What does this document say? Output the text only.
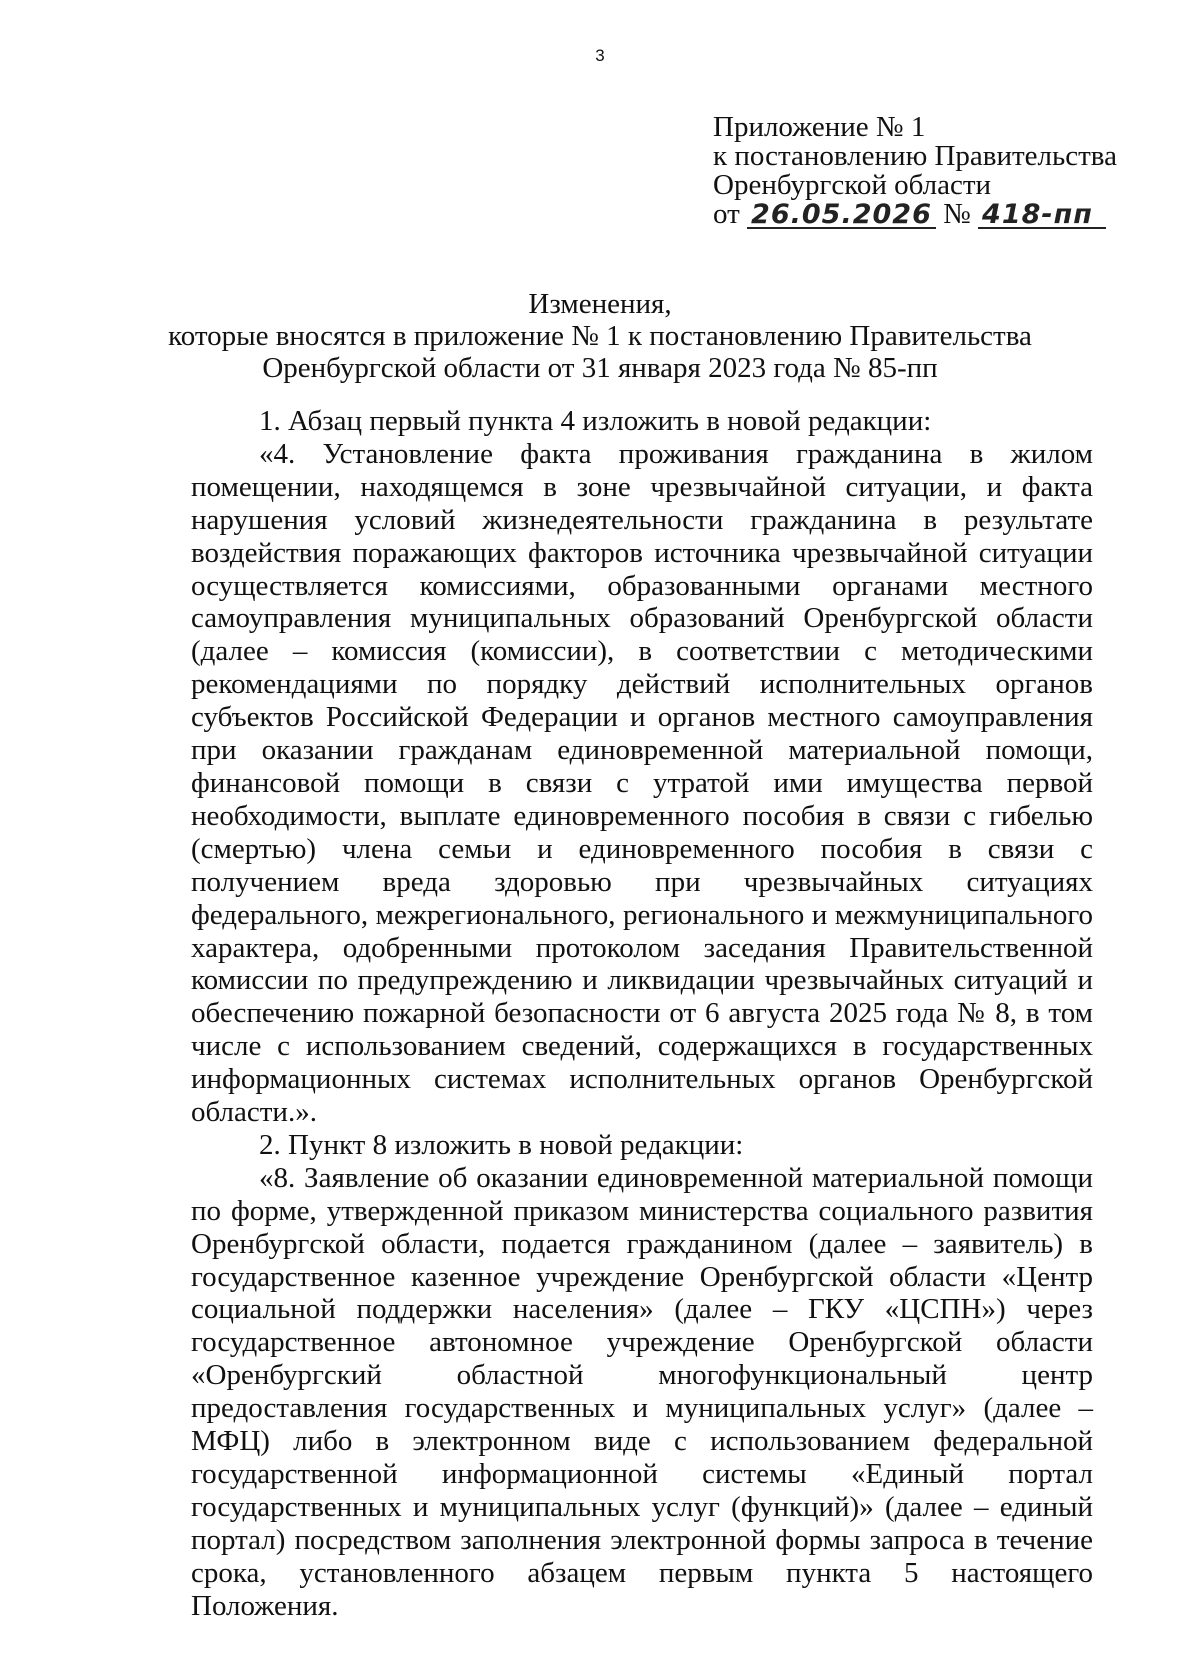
3
Приложение № 1
к постановлению Правительства
Оренбургской области
от 26.05.2026 № 418-пп
Изменения,
которые вносятся в приложение № 1 к постановлению Правительства
Оренбургской области от 31 января 2023 года № 85-пп

1. Абзац первый пункта 4 изложить в новой редакции:

«4. Установление факта проживания гражданина в жилом помещении, находящемся в зоне чрезвычайной ситуации, и факта нарушения условий жизнедеятельности гражданина в результате воздействия поражающих факторов источника чрезвычайной ситуации осуществляется комиссиями, образованными органами местного самоуправления муниципальных образований Оренбургской области (далее – комиссия (комиссии), в соответствии с методическими рекомендациями по порядку действий исполнительных органов субъектов Российской Федерации и органов местного самоуправления при оказании гражданам единовременной материальной помощи, финансовой помощи в связи с утратой ими имущества первой необходимости, выплате единовременного пособия в связи с гибелью (смертью) члена семьи и единовременного пособия в связи с получением вреда здоровью при чрезвычайных ситуациях федерального, межрегионального, регионального и межмуниципального характера, одобренными протоколом заседания Правительственной комиссии по предупреждению и ликвидации чрезвычайных ситуаций и обеспечению пожарной безопасности от 6 августа 2025 года № 8, в том числе с использованием сведений, содержащихся в государственных информационных системах исполнительных органов Оренбургской области.».

2. Пункт 8 изложить в новой редакции:

«8. Заявление об оказании единовременной материальной помощи по форме, утвержденной приказом министерства социального развития Оренбургской области, подается гражданином (далее – заявитель) в государственное казенное учреждение Оренбургской области «Центр социальной поддержки населения» (далее – ГКУ «ЦСПН») через государственное автономное учреждение Оренбургской области «Оренбургский областной многофункциональный центр предоставления государственных и муниципальных услуг» (далее – МФЦ) либо в электронном виде с использованием федеральной государственной информационной системы «Единый портал государственных и муниципальных услуг (функций)» (далее – единый портал) посредством заполнения электронной формы запроса в течение срока, установленного абзацем первым пункта 5 настоящего Положения.
